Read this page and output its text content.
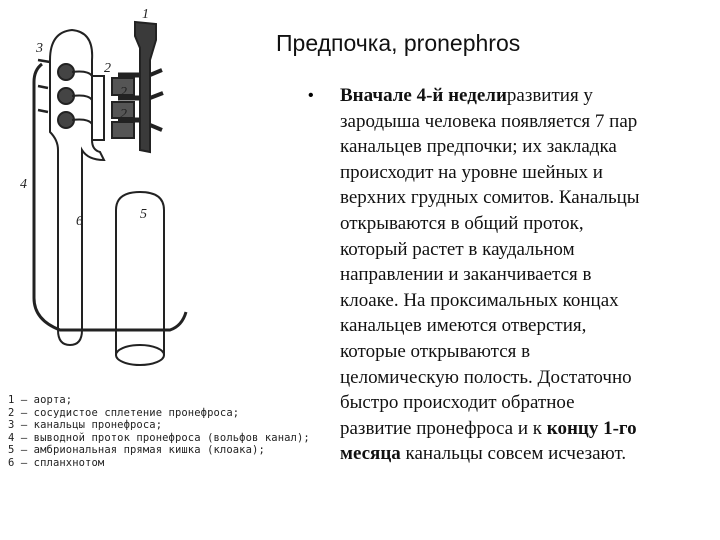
1
2
2
2
3
4
5
6
1 — аорта;
2 — сосудистое сплетение пронефроса;
3 — канальцы пронефроса;
4 — выводной проток пронефроса (вольфов канал);
5 — амбриональная прямая кишка (клоака);
6 — спланхнотом
Предпочка, pronephros
• Вначале 4-й неделиразвития у
зародыша человека появляется 7 пар
канальцев предпочки; их закладка
происходит на уровне шейных и
верхних грудных сомитов. Канальцы
открываются в общий проток,
который растет в каудальном
направлении и заканчивается в
клоаке. На проксимальных концах
канальцев имеются отверстия,
которые открываются в
целомическую полость. Достаточно
быстро происходит обратное
развитие пронефроса и к концу 1-го
месяца канальцы совсем исчезают.
